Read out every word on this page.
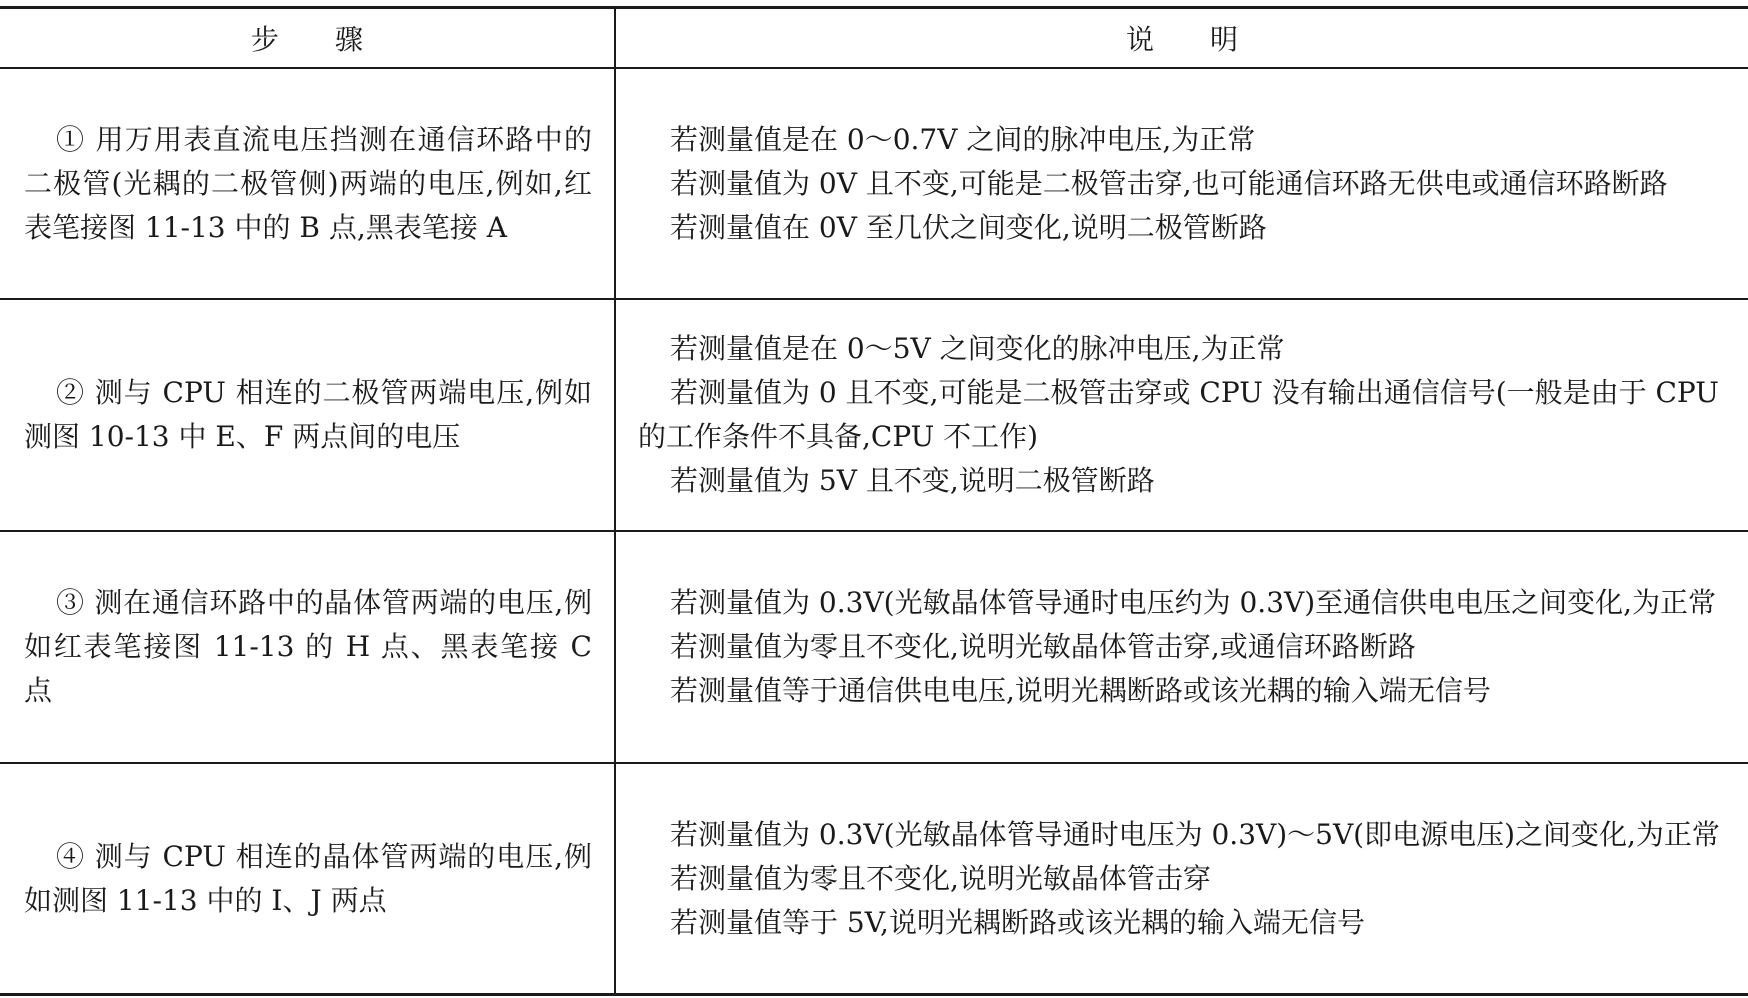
步　　骤	说　　明

① 用万用表直流电压挡测在通信环路中的二极管(光耦的二极管侧)两端的电压,例如,红表笔接图 11-13 中的 B 点,黑表笔接 A

若测量值是在 0～0.7V 之间的脉冲电压,为正常

若测量值为 0V 且不变,可能是二极管击穿,也可能通信环路无供电或通信环路断路

若测量值在 0V 至几伏之间变化,说明二极管断路

② 测与 CPU 相连的二极管两端电压,例如测图 10-13 中 E、F 两点间的电压

若测量值是在 0～5V 之间变化的脉冲电压,为正常

若测量值为 0 且不变,可能是二极管击穿或 CPU 没有输出通信信号(一般是由于 CPU 的工作条件不具备,CPU 不工作)

若测量值为 5V 且不变,说明二极管断路

③ 测在通信环路中的晶体管两端的电压,例如红表笔接图 11-13 的 H 点、黑表笔接 C 点

若测量值为 0.3V(光敏晶体管导通时电压约为 0.3V)至通信供电电压之间变化,为正常

若测量值为零且不变化,说明光敏晶体管击穿,或通信环路断路

若测量值等于通信供电电压,说明光耦断路或该光耦的输入端无信号

④ 测与 CPU 相连的晶体管两端的电压,例如测图 11-13 中的 I、J 两点

若测量值为 0.3V(光敏晶体管导通时电压为 0.3V)～5V(即电源电压)之间变化,为正常

若测量值为零且不变化,说明光敏晶体管击穿

若测量值等于 5V,说明光耦断路或该光耦的输入端无信号
